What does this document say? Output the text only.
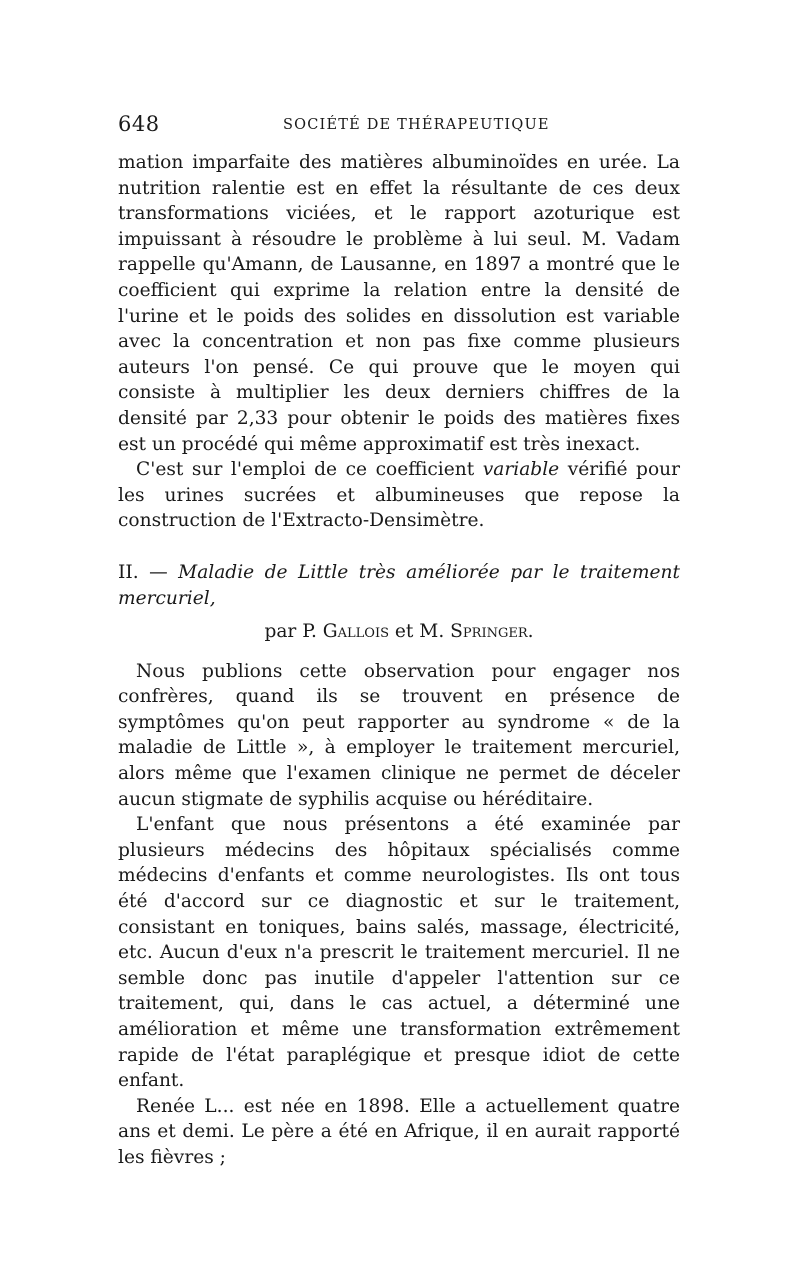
648	SOCIÉTÉ DE THÉRAPEUTIQUE

mation imparfaite des matières albuminoïdes en urée. La nutrition ralentie est en effet la résultante de ces deux transformations viciées, et le rapport azoturique est impuissant à résoudre le problème à lui seul. M. Vadam rappelle qu'Amann, de Lausanne, en 1897 a montré que le coefficient qui exprime la relation entre la densité de l'urine et le poids des solides en dissolution est variable avec la concentration et non pas fixe comme plusieurs auteurs l'on pensé. Ce qui prouve que le moyen qui consiste à multiplier les deux derniers chiffres de la densité par 2,33 pour obtenir le poids des matières fixes est un procédé qui même approximatif est très inexact.

C'est sur l'emploi de ce coefficient variable vérifié pour les urines sucrées et albumineuses que repose la construction de l'Extracto-Densimètre.

II. — Maladie de Little très améliorée par le traitement mercuriel,
par P. Gallois et M. Springer.

Nous publions cette observation pour engager nos confrères, quand ils se trouvent en présence de symptômes qu'on peut rapporter au syndrome « de la maladie de Little », à employer le traitement mercuriel, alors même que l'examen clinique ne permet de déceler aucun stigmate de syphilis acquise ou héréditaire.

L'enfant que nous présentons a été examinée par plusieurs médecins des hôpitaux spécialisés comme médecins d'enfants et comme neurologistes. Ils ont tous été d'accord sur ce diagnostic et sur le traitement, consistant en toniques, bains salés, massage, électricité, etc. Aucun d'eux n'a prescrit le traitement mercuriel. Il ne semble donc pas inutile d'appeler l'attention sur ce traitement, qui, dans le cas actuel, a déterminé une amélioration et même une transformation extrêmement rapide de l'état paraplégique et presque idiot de cette enfant.

Renée L... est née en 1898. Elle a actuellement quatre ans et demi. Le père a été en Afrique, il en aurait rapporté les fièvres ;
